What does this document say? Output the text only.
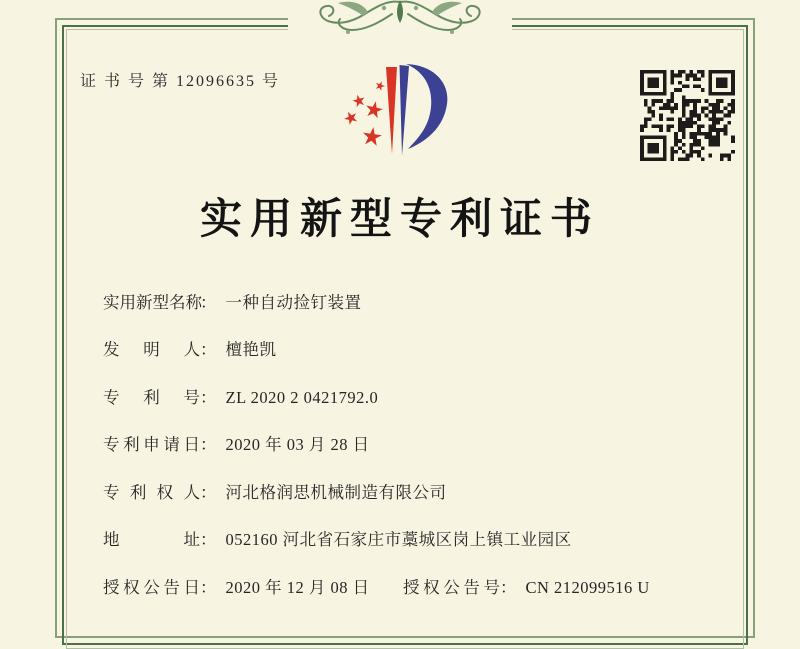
证 书 号 第 12096635 号
实用新型专利证书
实用新型名称： 一种自动捡钉装置
发明人： 檀艳凯
专利号： ZL 2020 2 0421792.0
专利申请日： 2020 年 03 月 28 日
专利权人： 河北格润思机械制造有限公司
地址： 052160 河北省石家庄市藁城区岗上镇工业园区
授权公告日： 2020 年 12 月 08 日 授权公告号： CN 212099516 U
